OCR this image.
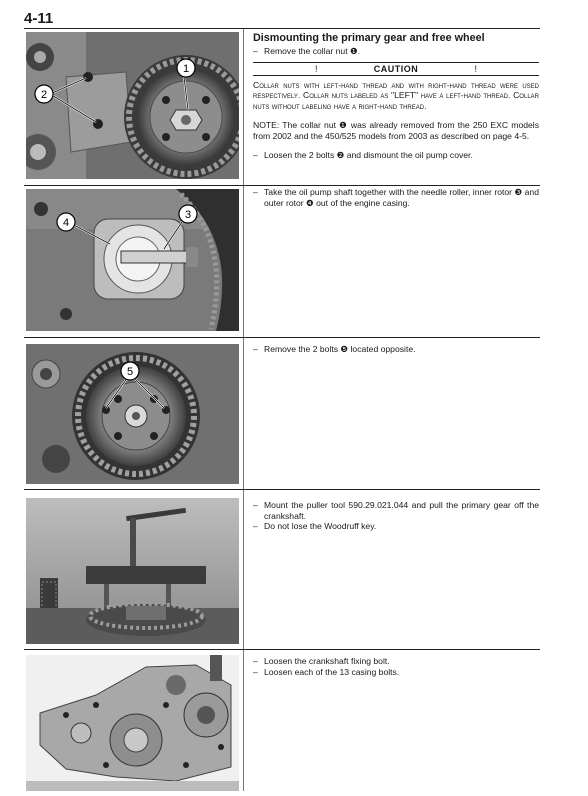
4-11
1
2
3
4
5
Dismounting the primary gear and free wheel

– Remove the collar nut ❶.

!	CAUTION	!

Collar nuts with left-hand thread and with right-hand thread were used respectively. Collar nuts labeled as "LEFT" have a left-hand thread. Collar nuts without labeling have a right-hand thread.

NOTE: The collar nut ❶ was already removed from the 250 EXC models from 2002 and the 450/525 models from 2003 as described on page 4-5.

– Loosen the 2 bolts ❷ and dismount the oil pump cover.

– Take the oil pump shaft together with the needle roller, inner rotor ❸ and outer rotor ❹ out of the engine casing.

– Remove the 2 bolts ❺ located opposite.

– Mount the puller tool 590.29.021.044 and pull the primary gear off the crankshaft.

– Do not lose the Woodruff key.

– Loosen the crankshaft fixing bolt.

– Loosen each of the 13 casing bolts.
